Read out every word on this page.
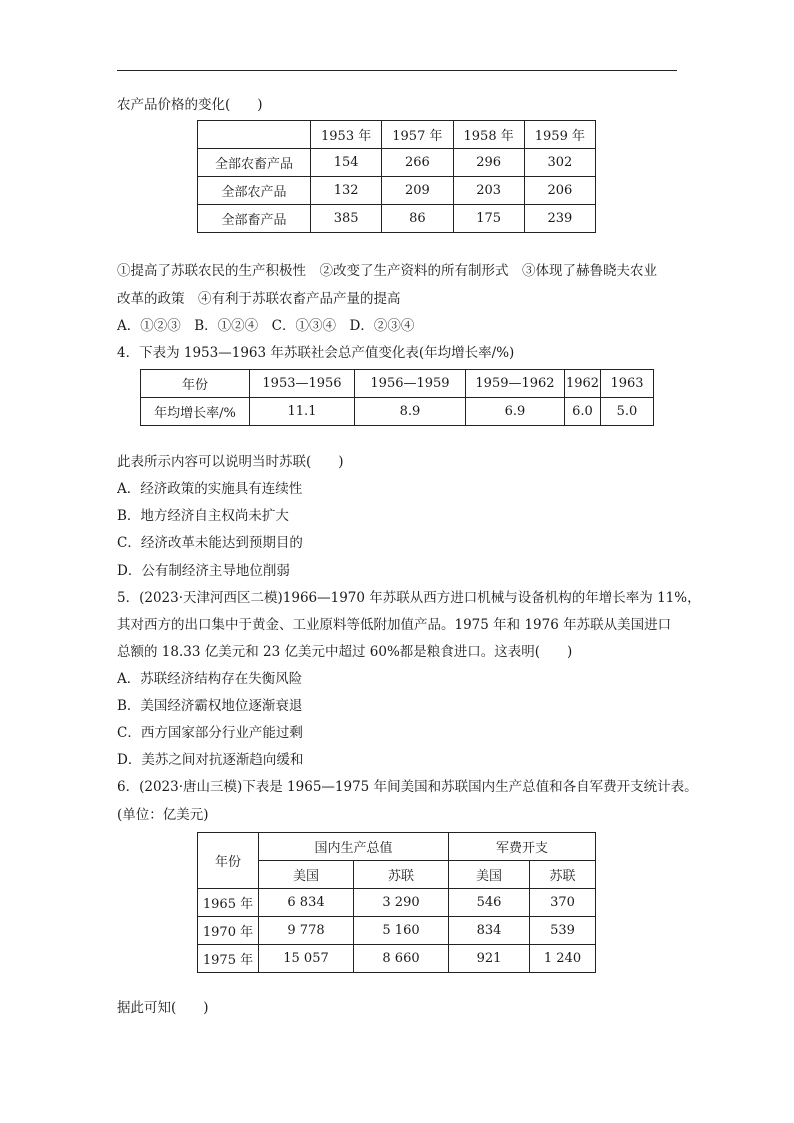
农产品价格的变化(　　)
	1953 年	1957 年	1958 年	1959 年
全部农畜产品	154	266	296	302
全部农产品	132	209	203	206
全部畜产品	385	86	175	239
①提高了苏联农民的生产积极性　②改变了生产资料的所有制形式　③体现了赫鲁晓夫农业
改革的政策　④有利于苏联农畜产品产量的提高
A．①②③　B．①②④　C．①③④　D．②③④
4．下表为 1953—1963 年苏联社会总产值变化表(年均增长率/%)
年份	1953—1956	1956—1959	1959—1962	1962	1963
年均增长率/%	11.1	8.9	6.9	6.0	5.0
此表所示内容可以说明当时苏联(　　)
A．经济政策的实施具有连续性
B．地方经济自主权尚未扩大
C．经济改革未能达到预期目的
D．公有制经济主导地位削弱
5．(2023·天津河西区二模)1966—1970 年苏联从西方进口机械与设备机构的年增长率为 11%，
其对西方的出口集中于黄金、工业原料等低附加值产品。1975 年和 1976 年苏联从美国进口
总额的 18.33 亿美元和 23 亿美元中超过 60%都是粮食进口。这表明(　　)
A．苏联经济结构存在失衡风险
B．美国经济霸权地位逐渐衰退
C．西方国家部分行业产能过剩
D．美苏之间对抗逐渐趋向缓和
6．(2023·唐山三模)下表是 1965—1975 年间美国和苏联国内生产总值和各自军费开支统计表。
(单位：亿美元)
年份	国内生产总值		军费开支	
	美国	苏联	美国	苏联
1965 年	6 834	3 290	546	370
1970 年	9 778	5 160	834	539
1975 年	15 057	8 660	921	1 240
据此可知(　　)
